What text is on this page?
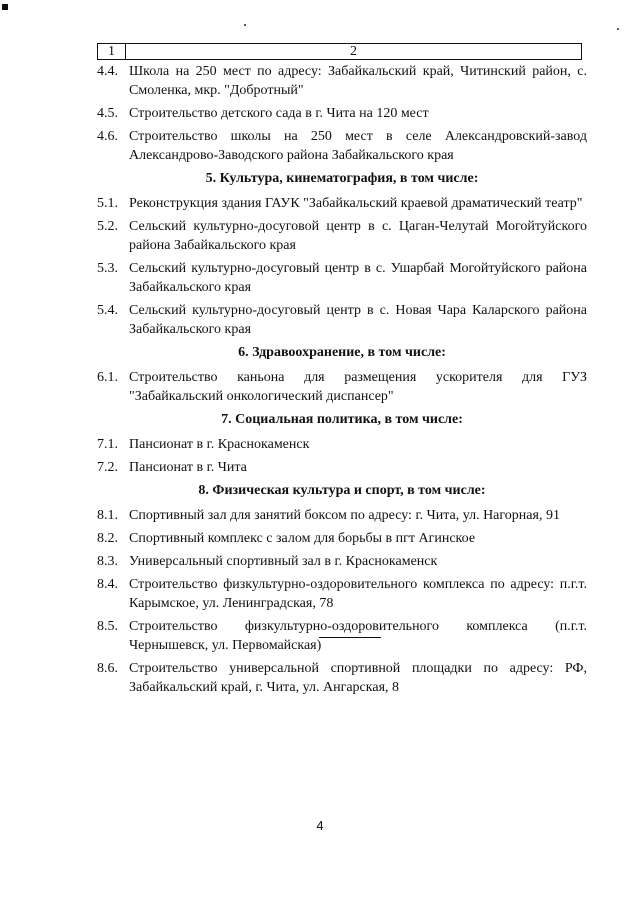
1	2
4.4. Школа на 250 мест по адресу: Забайкальский край, Читинский район, с. Смоленка, мкр. "Добротный"
4.5. Строительство детского сада в г. Чита на 120 мест
4.6. Строительство школы на 250 мест в селе Александровский-завод Александрово-Заводского района Забайкальского края
5. Культура, кинематография, в том числе:
5.1. Реконструкция здания ГАУК "Забайкальский краевой драматический театр"
5.2. Сельский культурно-досуговой центр в с. Цаган-Челутай Могойтуйского района Забайкальского края
5.3. Сельский культурно-досуговый центр в с. Ушарбай Могойтуйского района Забайкальского края
5.4. Сельский культурно-досуговый центр в с. Новая Чара Каларского района Забайкальского края
6. Здравоохранение, в том числе:
6.1. Строительство каньона для размещения ускорителя для ГУЗ "Забайкальский онкологический диспансер"
7. Социальная политика, в том числе:
7.1. Пансионат в г. Краснокаменск
7.2. Пансионат в г. Чита
8. Физическая культура и спорт, в том числе:
8.1. Спортивный зал для занятий боксом по адресу: г. Чита, ул. Нагорная, 91
8.2. Спортивный комплекс с залом для борьбы в пгт Агинское
8.3. Универсальный спортивный зал в г. Краснокаменск
8.4. Строительство физкультурно-оздоровительного комплекса по адресу: п.г.т. Карымское, ул. Ленинградская, 78
8.5. Строительство физкультурно-оздоровительного комплекса (п.г.т. Чернышевск, ул. Первомайская)
8.6. Строительство универсальной спортивной площадки по адресу: РФ, Забайкальский край, г. Чита, ул. Ангарская, 8
4
